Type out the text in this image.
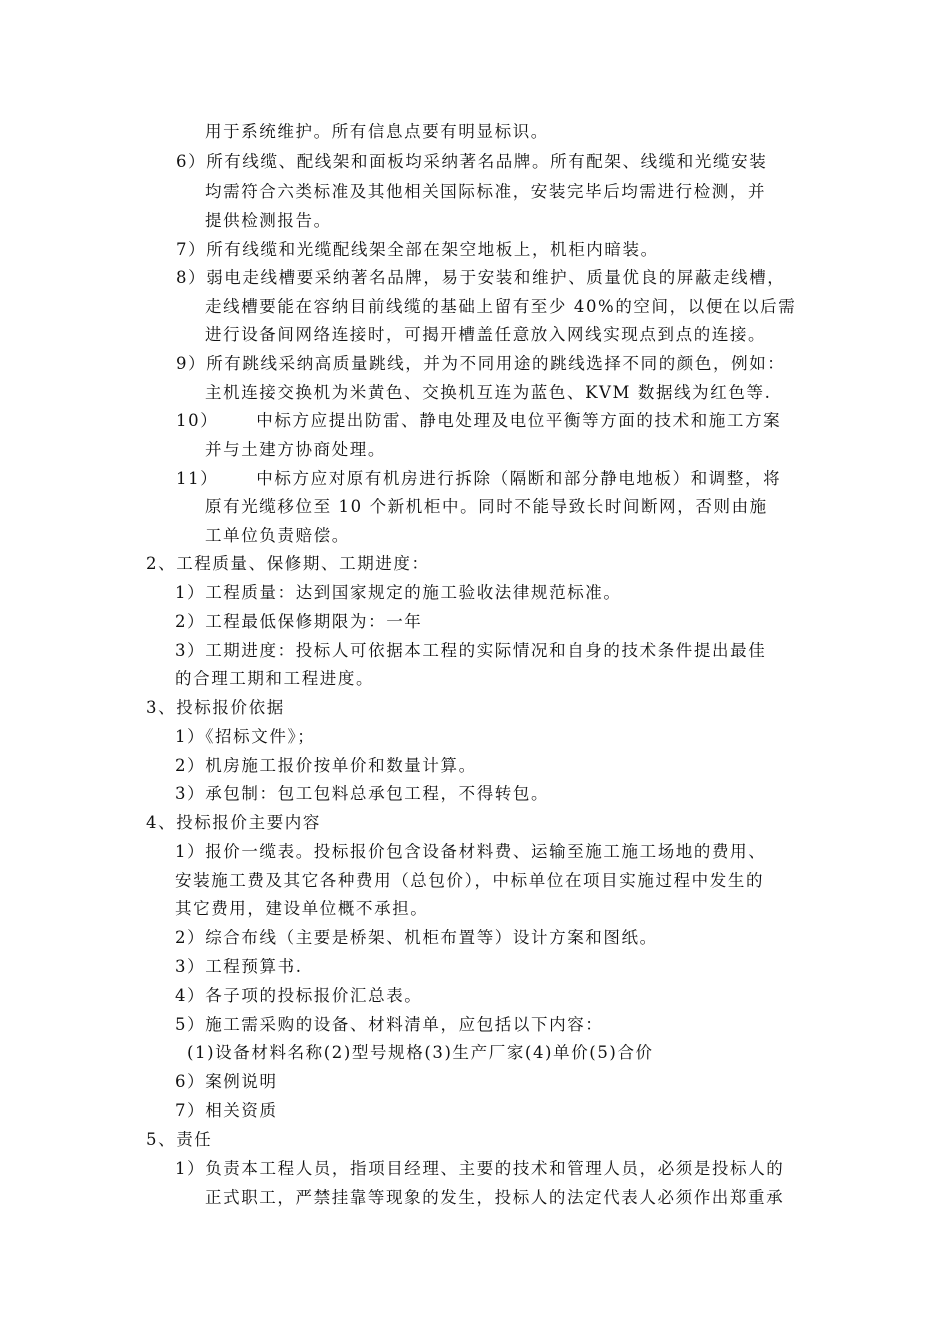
用于系统维护。所有信息点要有明显标识。
6）所有线缆、配线架和面板均采纳著名品牌。所有配架、线缆和光缆安装
均需符合六类标准及其他相关国际标准，安装完毕后均需进行检测，并
提供检测报告。
7）所有线缆和光缆配线架全部在架空地板上，机柜内暗装。
8）弱电走线槽要采纳著名品牌，易于安装和维护、质量优良的屏蔽走线槽，
走线槽要能在容纳目前线缆的基础上留有至少 40%的空间，以便在以后需
进行设备间网络连接时，可揭开槽盖任意放入网线实现点到点的连接。
9）所有跳线采纳高质量跳线，并为不同用途的跳线选择不同的颜色，例如：
主机连接交换机为米黄色、交换机互连为蓝色、KVM 数据线为红色等.
10） 中标方应提出防雷、静电处理及电位平衡等方面的技术和施工方案
并与土建方协商处理。
11） 中标方应对原有机房进行拆除（隔断和部分静电地板）和调整，将
原有光缆移位至 10 个新机柜中。同时不能导致长时间断网，否则由施
工单位负责赔偿。
2、工程质量、保修期、工期进度：
1）工程质量：达到国家规定的施工验收法律规范标准。
2）工程最低保修期限为：一年
3）工期进度：投标人可依据本工程的实际情况和自身的技术条件提出最佳
的合理工期和工程进度。
3、投标报价依据
1）《招标文件》；
2）机房施工报价按单价和数量计算。
3）承包制：包工包料总承包工程，不得转包。
4、投标报价主要内容
1）报价一缆表。投标报价包含设备材料费、运输至施工施工场地的费用、
安装施工费及其它各种费用（总包价），中标单位在项目实施过程中发生的
其它费用，建设单位概不承担。
2）综合布线（主要是桥架、机柜布置等）设计方案和图纸。
3）工程预算书.
4）各子项的投标报价汇总表。
5）施工需采购的设备、材料清单，应包括以下内容：
(1)设备材料名称(2)型号规格(3)生产厂家(4)单价(5)合价
6）案例说明
7）相关资质
5、责任
1）负责本工程人员，指项目经理、主要的技术和管理人员，必须是投标人的
正式职工，严禁挂靠等现象的发生，投标人的法定代表人必须作出郑重承
